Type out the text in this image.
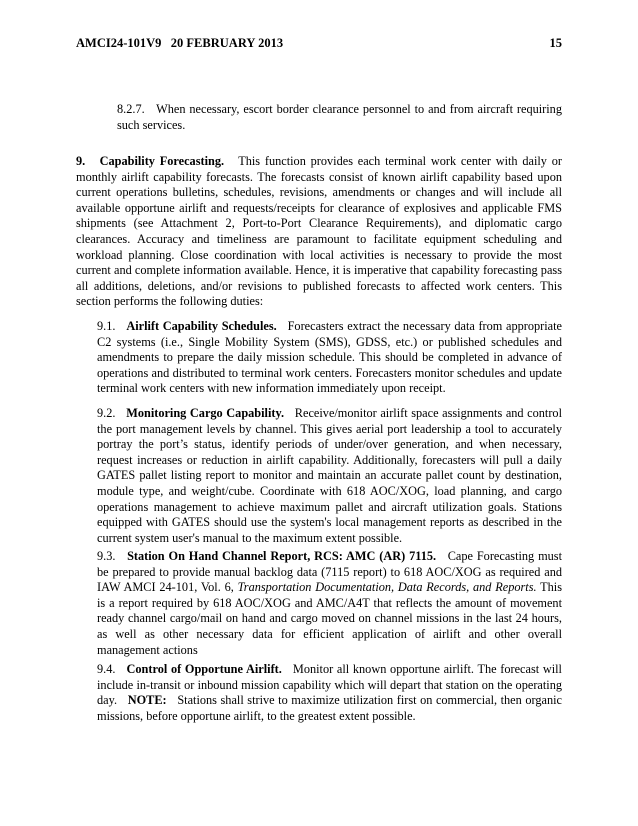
AMCI24-101V9 20 FEBRUARY 2013	15

8.2.7. When necessary, escort border clearance personnel to and from aircraft requiring such services.

9. Capability Forecasting. This function provides each terminal work center with daily or monthly airlift capability forecasts. The forecasts consist of known airlift capability based upon current operations bulletins, schedules, revisions, amendments or changes and will include all available opportune airlift and requests/receipts for clearance of explosives and applicable FMS shipments (see Attachment 2, Port-to-Port Clearance Requirements), and diplomatic cargo clearances. Accuracy and timeliness are paramount to facilitate equipment scheduling and workload planning. Close coordination with local activities is necessary to provide the most current and complete information available. Hence, it is imperative that capability forecasting pass all additions, deletions, and/or revisions to published forecasts to affected work centers. This section performs the following duties:

9.1. Airlift Capability Schedules. Forecasters extract the necessary data from appropriate C2 systems (i.e., Single Mobility System (SMS), GDSS, etc.) or published schedules and amendments to prepare the daily mission schedule. This should be completed in advance of operations and distributed to terminal work centers. Forecasters monitor schedules and update terminal work centers with new information immediately upon receipt.

9.2. Monitoring Cargo Capability. Receive/monitor airlift space assignments and control the port management levels by channel. This gives aerial port leadership a tool to accurately portray the port’s status, identify periods of under/over generation, and when necessary, request increases or reduction in airlift capability. Additionally, forecasters will pull a daily GATES pallet listing report to monitor and maintain an accurate pallet count by destination, module type, and weight/cube. Coordinate with 618 AOC/XOG, load planning, and cargo operations management to achieve maximum pallet and aircraft utilization goals. Stations equipped with GATES should use the system's local management reports as described in the current system user's manual to the maximum extent possible.

9.3. Station On Hand Channel Report, RCS: AMC (AR) 7115. Cape Forecasting must be prepared to provide manual backlog data (7115 report) to 618 AOC/XOG as required and IAW AMCI 24-101, Vol. 6, Transportation Documentation, Data Records, and Reports. This is a report required by 618 AOC/XOG and AMC/A4T that reflects the amount of movement ready channel cargo/mail on hand and cargo moved on channel missions in the last 24 hours, as well as other necessary data for efficient application of airlift and other overall management actions

9.4. Control of Opportune Airlift. Monitor all known opportune airlift. The forecast will include in-transit or inbound mission capability which will depart that station on the operating day. NOTE: Stations shall strive to maximize utilization first on commercial, then organic missions, before opportune airlift, to the greatest extent possible.
